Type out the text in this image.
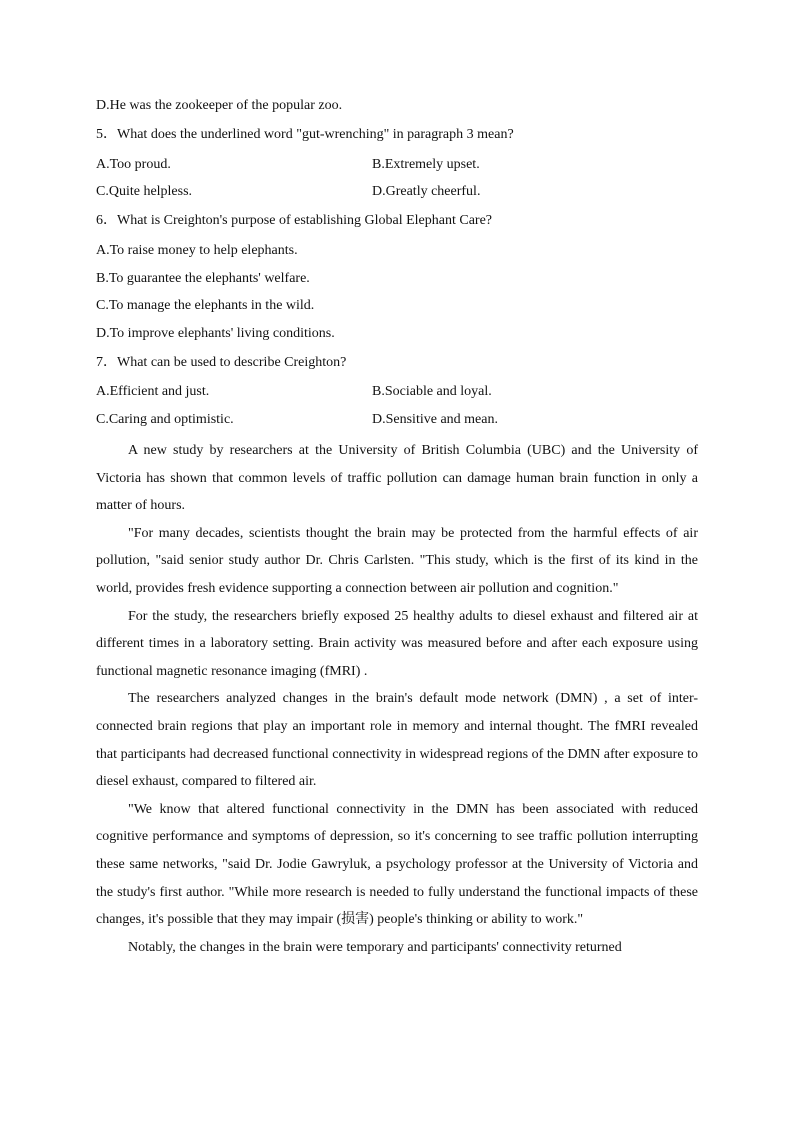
D.He was the zookeeper of the popular zoo.
5．What does the underlined word "gut-wrenching" in paragraph 3 mean?
A.Too proud.	B.Extremely upset.
C.Quite helpless.	D.Greatly cheerful.
6．What is Creighton's purpose of establishing Global Elephant Care?
A.To raise money to help elephants.
B.To guarantee the elephants' welfare.
C.To manage the elephants in the wild.
D.To improve elephants' living conditions.
7．What can be used to describe Creighton?
A.Efficient and just.	B.Sociable and loyal.
C.Caring and optimistic.	D.Sensitive and mean.

A new study by researchers at the University of British Columbia (UBC) and the University of Victoria has shown that common levels of traffic pollution can damage human brain function in only a matter of hours.

"For many decades, scientists thought the brain may be protected from the harmful effects of air pollution, "said senior study author Dr. Chris Carlsten. "This study, which is the first of its kind in the world, provides fresh evidence supporting a connection between air pollution and cognition."

For the study, the researchers briefly exposed 25 healthy adults to diesel exhaust and filtered air at different times in a laboratory setting. Brain activity was measured before and after each exposure using functional magnetic resonance imaging (fMRI) .

The researchers analyzed changes in the brain's default mode network (DMN) , a set of inter-connected brain regions that play an important role in memory and internal thought. The fMRI revealed that participants had decreased functional connectivity in widespread regions of the DMN after exposure to diesel exhaust, compared to filtered air.

"We know that altered functional connectivity in the DMN has been associated with reduced cognitive performance and symptoms of depression, so it's concerning to see traffic pollution interrupting these same networks, "said Dr. Jodie Gawryluk, a psychology professor at the University of Victoria and the study's first author. "While more research is needed to fully understand the functional impacts of these changes, it's possible that they may impair (损害) people's thinking or ability to work."

Notably, the changes in the brain were temporary and participants' connectivity returned
